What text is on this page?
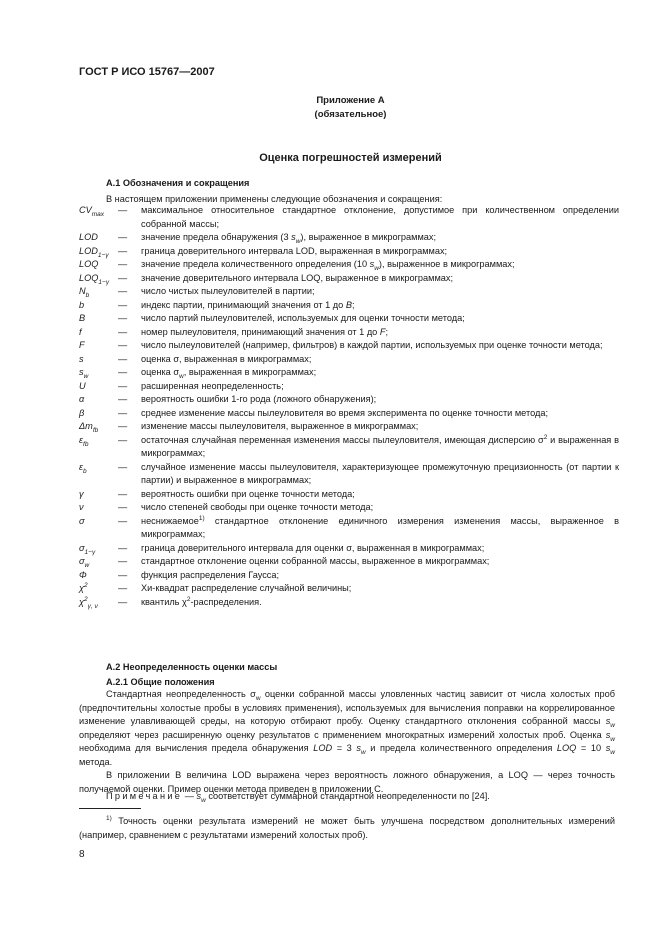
ГОСТ Р ИСО 15767—2007
Приложение А
(обязательное)
Оценка погрешностей измерений
А.1 Обозначения и сокращения
В настоящем приложении применены следующие обозначения и сокращения:
$CV_{max}$	—	максимальное относительное стандартное отклонение, допустимое при количественном определении собранной массы;
LOD	—	значение предела обнаружения (3 $s_w$), выраженное в микрограммах;
$LOD_{1-\gamma}$	—	граница доверительного интервала LOD, выраженная в микрограммах;
LOQ	—	значение предела количественного определения (10 $s_w$), выраженное в микрограммах;
$LOQ_{1-\gamma}$ —	значение доверительного интервала LOQ, выраженное в микрограммах;
$N_b$	—	число чистых пылеуловителей в партии;
b	—	индекс партии, принимающий значения от 1 до B;
B	—	число партий пылеуловителей, используемых для оценки точности метода;
f	—	номер пылеуловителя, принимающий значения от 1 до F;
F	—	число пылеуловителей (например, фильтров) в каждой партии, используемых при оценке точности метода;
s	—	оценка σ, выраженная в микрограммах;
$s_w$	—	оценка $\sigma_w$, выраженная в микрограммах;
U	—	расширенная неопределенность;
α	—	вероятность ошибки 1-го рода (ложного обнаружения);
β	—	среднее изменение массы пылеуловителя во время эксперимента по оценке точности метода;
$\Delta m_{fb}$	—	изменение массы пылеуловителя, выраженное в микрограммах;
$\varepsilon_{fb}$	—	остаточная случайная переменная изменения массы пылеуловителя, имеющая дисперсию $\sigma^2$ и выраженная в микрограммах;
$\varepsilon_b$	—	случайное изменение массы пылеуловителя, характеризующее промежуточную прецизионность (от партии к партии) и выраженное в микрограммах;
γ	—	вероятность ошибки при оценке точности метода;
ν	—	число степеней свободы при оценке точности метода;
σ	—	неснижаемое$^{1)}$ стандартное отклонение единичного измерения изменения массы, выраженное в микрограммах;
$\sigma_{1-\gamma}$	—	граница доверительного интервала для оценки σ, выраженная в микрограммах;
$\sigma_w$	—	стандартное отклонение оценки собранной массы, выраженное в микрограммах;
Φ	—	функция распределения Гаусса;
$\chi^2$	—	Хи-квадрат распределение случайной величины;
$\chi^2_{\gamma, \nu}$	—	квантиль $\chi^2$-распределения.
А.2 Неопределенность оценки массы
А.2.1 Общие положения

Стандартная неопределенность $\sigma_w$ оценки собранной массы уловленных частиц зависит от числа холостых проб (предпочтительны холостые пробы в условиях применения), используемых для вычисления поправки на коррелированное изменение улавливающей среды, на которую отбирают пробу. Оценку стандартного отклонения собранной массы $s_w$ определяют через расширенную оценку результатов с применением многократных измерений холостых проб. Оценка $s_w$ необходима для вычисления предела обнаружения LOD = 3 $s_w$ и предела количественного определения LOQ = 10 $s_w$ метода.

В приложении В величина LOD выражена через вероятность ложного обнаружения, а LOQ — через точность получаемой оценки. Пример оценки метода приведен в приложении С.

Примечание — $s_w$ соответствует суммарной стандартной неопределенности по [24].

$^{1)}$ Точность оценки результата измерений не может быть улучшена посредством дополнительных измерений (например, сравнением с результатами измерений холостых проб).

8
